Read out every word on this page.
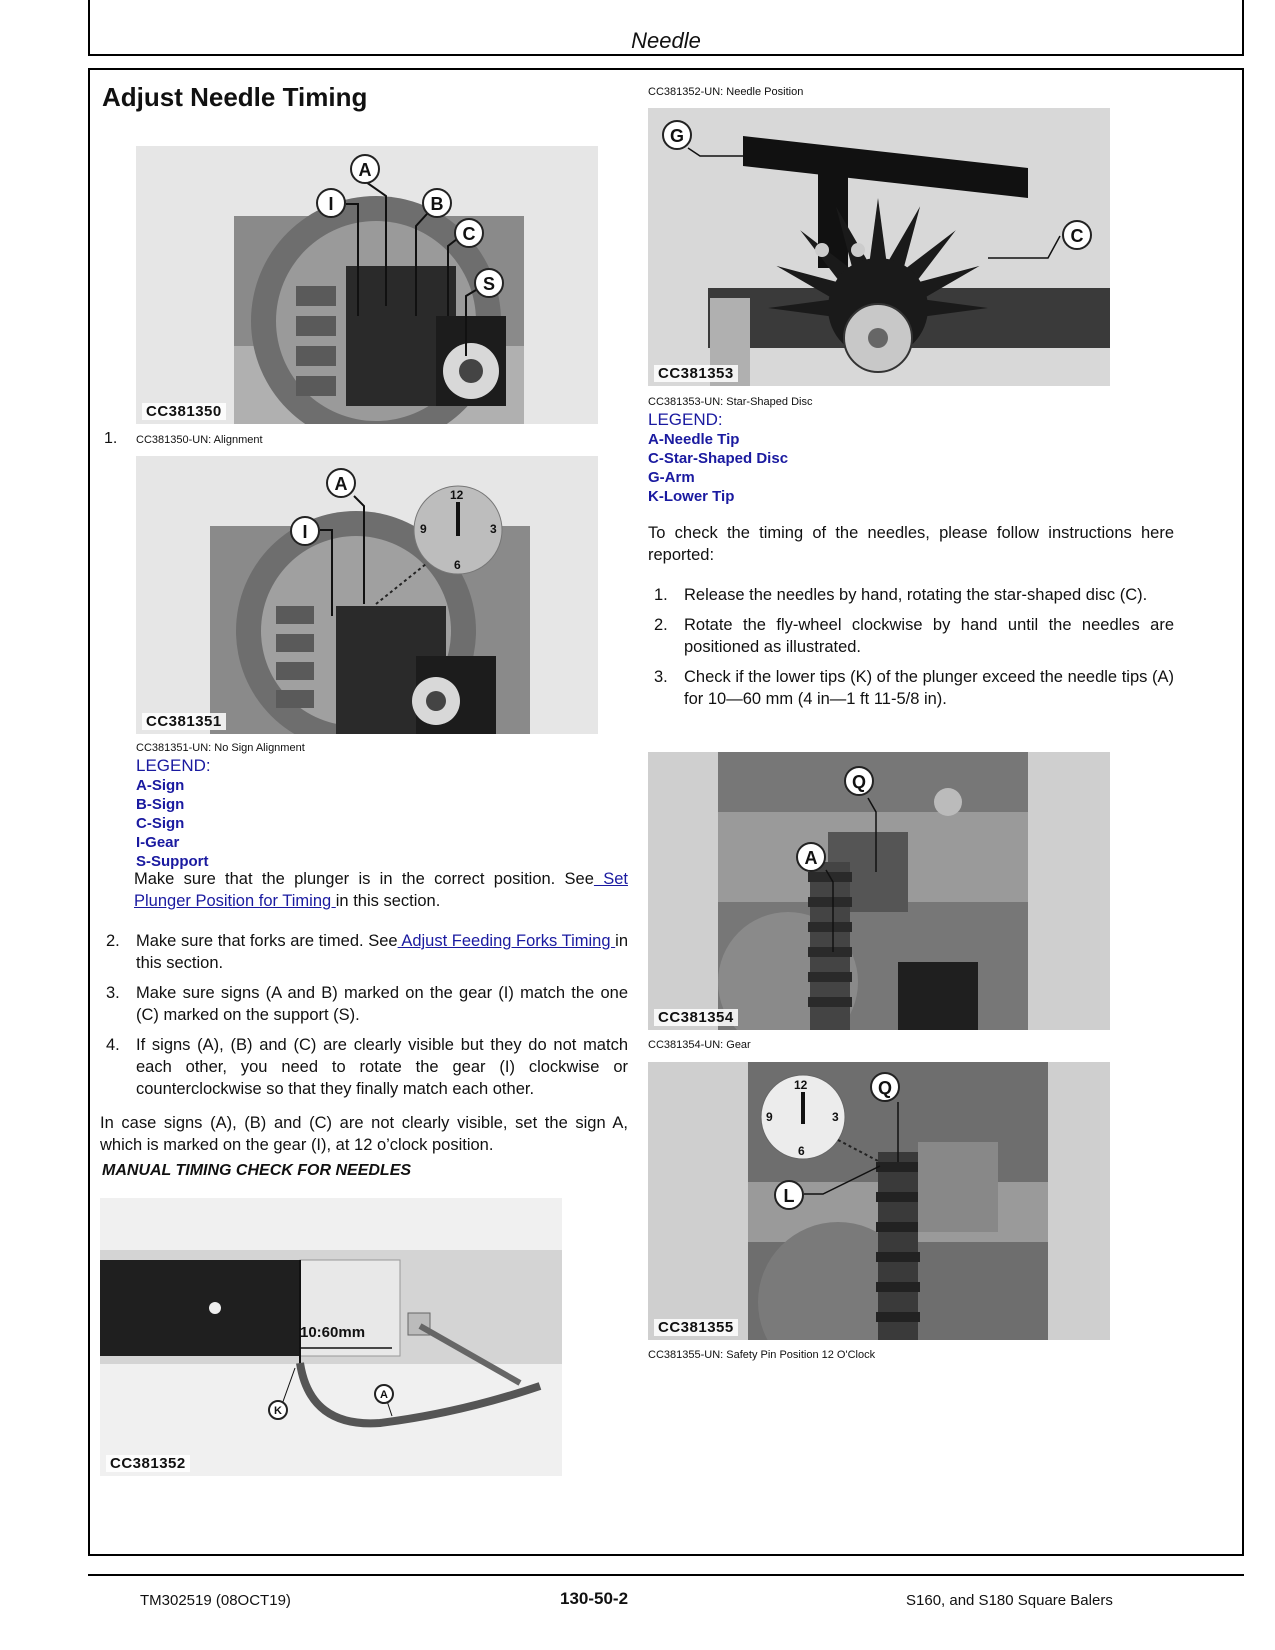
Needle
Adjust Needle Timing
A
I	B
C
S
CC381350
1. CC381350-UN: Alignment
12
3
6
9
A
I
CC381351
CC381351-UN: No Sign Alignment
LEGEND:
A-Sign
B-Sign
C-Sign
I-Gear
S-Support
Make sure that the plunger is in the correct position. See Set Plunger Position for Timing in this section.
2. Make sure that forks are timed. See Adjust Feeding Forks Timing in this section.
3. Make sure signs (A and B) marked on the gear (I) match the one (C) marked on the support (S).
4. If signs (A), (B) and (C) are clearly visible but they do not match each other, you need to rotate the gear (I) clockwise or counterclockwise so that they finally match each other.
In case signs (A), (B) and (C) are not clearly visible, set the sign A, which is marked on the gear (I), at 12 o’clock position.
MANUAL TIMING CHECK FOR NEEDLES
10:60mm
K
A
CC381352
CC381352-UN: Needle Position
G
C
CC381353
CC381353-UN: Star-Shaped Disc
LEGEND:
A-Needle Tip
C-Star-Shaped Disc
G-Arm
K-Lower Tip
To check the timing of the needles, please follow instructions here reported:
1. Release the needles by hand, rotating the star-shaped disc (C).
2. Rotate the fly-wheel clockwise by hand until the needles are positioned as illustrated.
3. Check if the lower tips (K) of the plunger exceed the needle tips (A) for 10—60 mm (4 in—1 ft 11-5/8 in).
Q
A
CC381354
CC381354-UN: Gear
12
3
6
9
Q
L
CC381355
CC381355-UN: Safety Pin Position 12 O'Clock
TM302519 (08OCT19)	130-50-2	S160, and S180 Square Balers
